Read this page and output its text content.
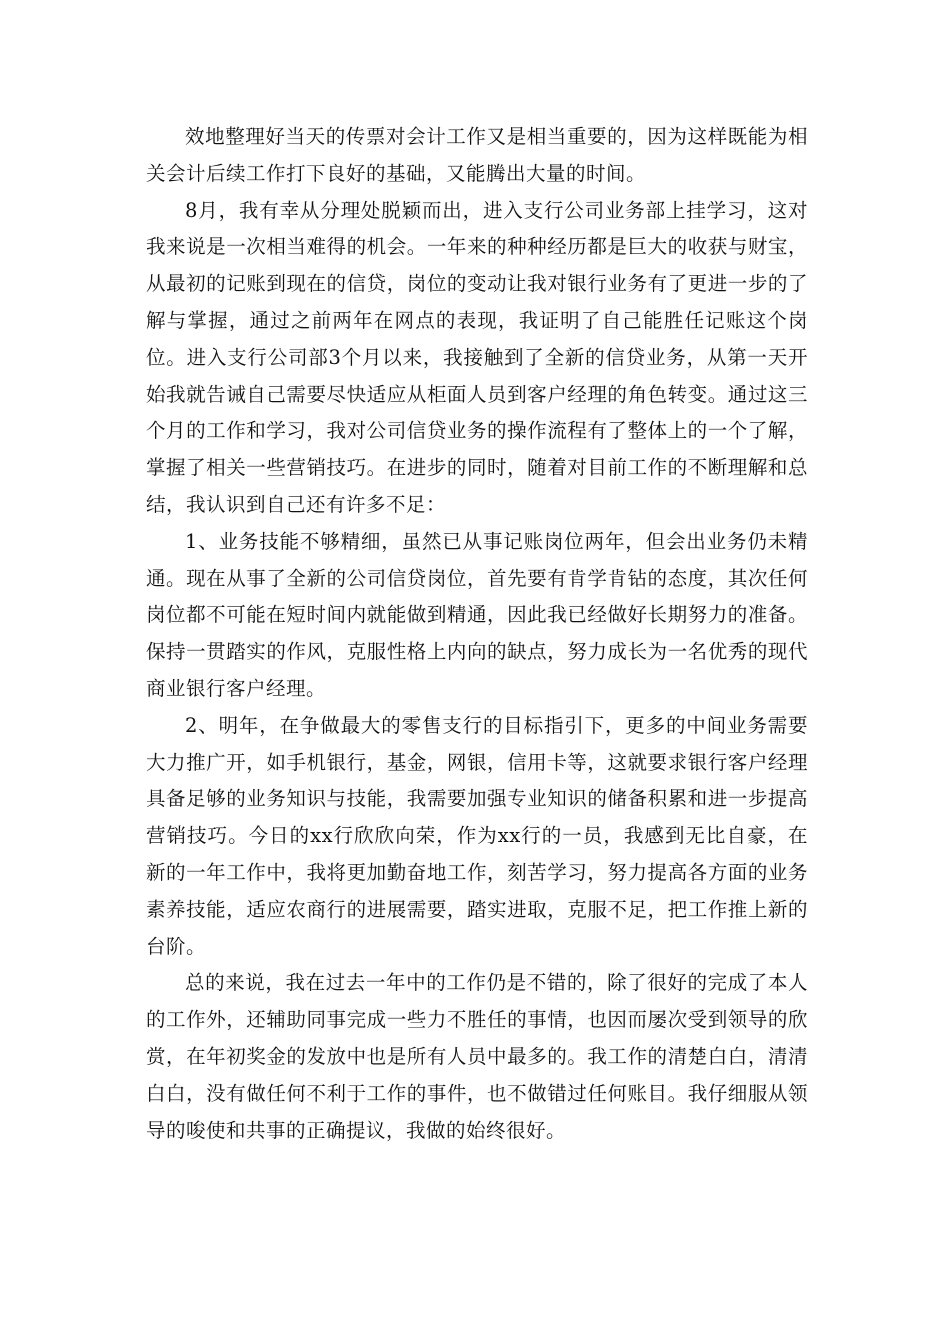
效地整理好当天的传票对会计工作又是相当重要的，因为这样既能为相关会计后续工作打下良好的基础，又能腾出大量的时间。

8月，我有幸从分理处脱颖而出，进入支行公司业务部上挂学习，这对我来说是一次相当难得的机会。一年来的种种经历都是巨大的收获与财宝，从最初的记账到现在的信贷，岗位的变动让我对银行业务有了更进一步的了解与掌握，通过之前两年在网点的表现，我证明了自己能胜任记账这个岗位。进入支行公司部3个月以来，我接触到了全新的信贷业务，从第一天开始我就告诫自己需要尽快适应从柜面人员到客户经理的角色转变。通过这三个月的工作和学习，我对公司信贷业务的操作流程有了整体上的一个了解，掌握了相关一些营销技巧。在进步的同时，随着对目前工作的不断理解和总结，我认识到自己还有许多不足：

1、业务技能不够精细，虽然已从事记账岗位两年，但会出业务仍未精通。现在从事了全新的公司信贷岗位，首先要有肯学肯钻的态度，其次任何岗位都不可能在短时间内就能做到精通，因此我已经做好长期努力的准备。保持一贯踏实的作风，克服性格上内向的缺点，努力成长为一名优秀的现代商业银行客户经理。

2、明年，在争做最大的零售支行的目标指引下，更多的中间业务需要大力推广开，如手机银行，基金，网银，信用卡等，这就要求银行客户经理具备足够的业务知识与技能，我需要加强专业知识的储备积累和进一步提高营销技巧。今日的xx行欣欣向荣，作为xx行的一员，我感到无比自豪，在新的一年工作中，我将更加勤奋地工作，刻苦学习，努力提高各方面的业务素养技能，适应农商行的进展需要，踏实进取，克服不足，把工作推上新的台阶。

总的来说，我在过去一年中的工作仍是不错的，除了很好的完成了本人的工作外，还辅助同事完成一些力不胜任的事情，也因而屡次受到领导的欣赏，在年初奖金的发放中也是所有人员中最多的。我工作的清楚白白，清清白白，没有做任何不利于工作的事件，也不做错过任何账目。我仔细服从领导的唆使和共事的正确提议，我做的始终很好。
